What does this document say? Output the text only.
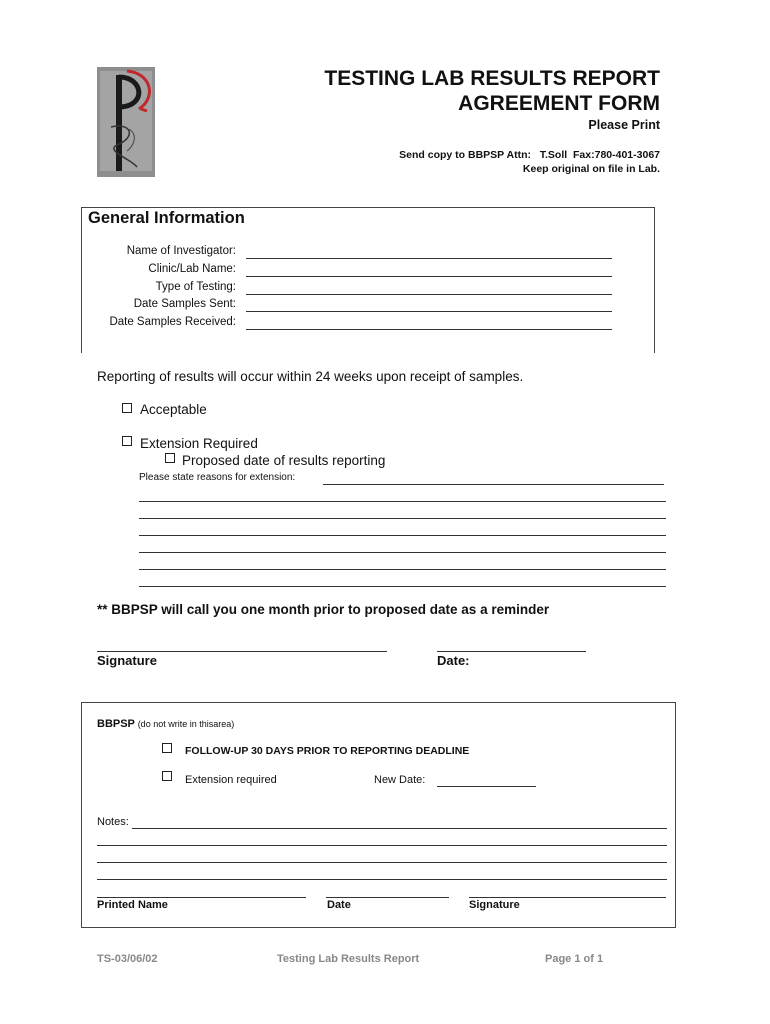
TESTING LAB RESULTS REPORT
AGREEMENT FORM
Please Print
Send copy to BBPSP Attn:   T.Soll  Fax:780-401-3067
Keep original on file in Lab.
General Information
Name of Investigator:
Clinic/Lab Name:
Type of Testing:
Date Samples Sent:
Date Samples Received:
Reporting of results will occur within 24 weeks upon receipt of samples.
Acceptable
Extension Required
Proposed date of results reporting
Please state reasons for extension:
** BBPSP will call you one month prior to proposed date as a reminder
Signature	Date:
BBPSP (do not write in thisarea)
FOLLOW-UP 30 DAYS PRIOR TO REPORTING DEADLINE
Extension required	New Date:
Notes:
Printed Name	Date	Signature
TS-03/06/02	Testing Lab Results Report	Page 1 of 1
